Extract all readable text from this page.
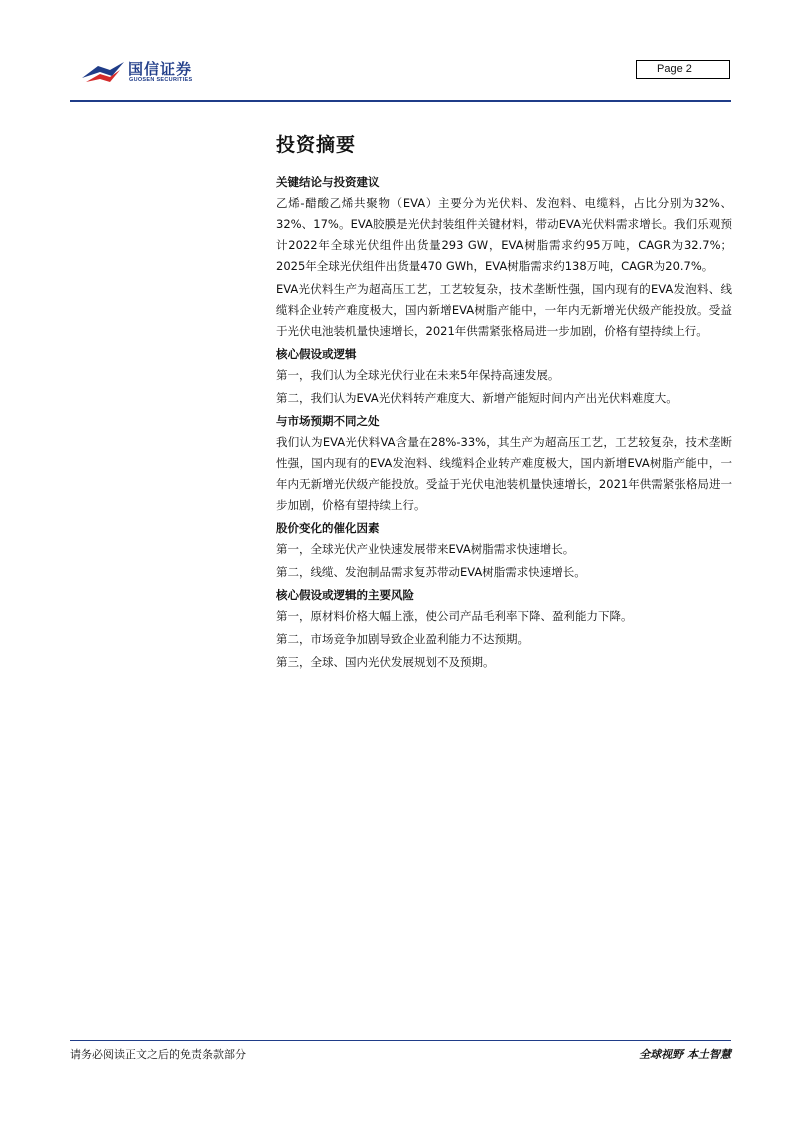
国信证券
GUOSEN SECURITIES
Page 2
投资摘要
关键结论与投资建议
乙烯-醋酸乙烯共聚物（EVA）主要分为光伏料、发泡料、电缆料，占比分别为32%、32%、17%。EVA胶膜是光伏封装组件关键材料，带动EVA光伏料需求增长。我们乐观预计2022年全球光伏组件出货量293 GW，EVA树脂需求约95万吨，CAGR为32.7%；2025年全球光伏组件出货量470 GWh，EVA树脂需求约138万吨，CAGR为20.7%。
EVA光伏料生产为超高压工艺，工艺较复杂，技术垄断性强，国内现有的EVA发泡料、线缆料企业转产难度极大，国内新增EVA树脂产能中，一年内无新增光伏级产能投放。受益于光伏电池装机量快速增长，2021年供需紧张格局进一步加剧，价格有望持续上行。
核心假设或逻辑
第一，我们认为全球光伏行业在未来5年保持高速发展。
第二，我们认为EVA光伏料转产难度大、新增产能短时间内产出光伏料难度大。
与市场预期不同之处
我们认为EVA光伏料VA含量在28%-33%，其生产为超高压工艺，工艺较复杂，技术垄断性强，国内现有的EVA发泡料、线缆料企业转产难度极大，国内新增EVA树脂产能中，一年内无新增光伏级产能投放。受益于光伏电池装机量快速增长，2021年供需紧张格局进一步加剧，价格有望持续上行。
股价变化的催化因素
第一，全球光伏产业快速发展带来EVA树脂需求快速增长。
第二，线缆、发泡制品需求复苏带动EVA树脂需求快速增长。
核心假设或逻辑的主要风险
第一，原材料价格大幅上涨，使公司产品毛利率下降、盈利能力下降。
第二，市场竞争加剧导致企业盈利能力不达预期。
第三，全球、国内光伏发展规划不及预期。
请务必阅读正文之后的免责条款部分	全球视野 本土智慧
